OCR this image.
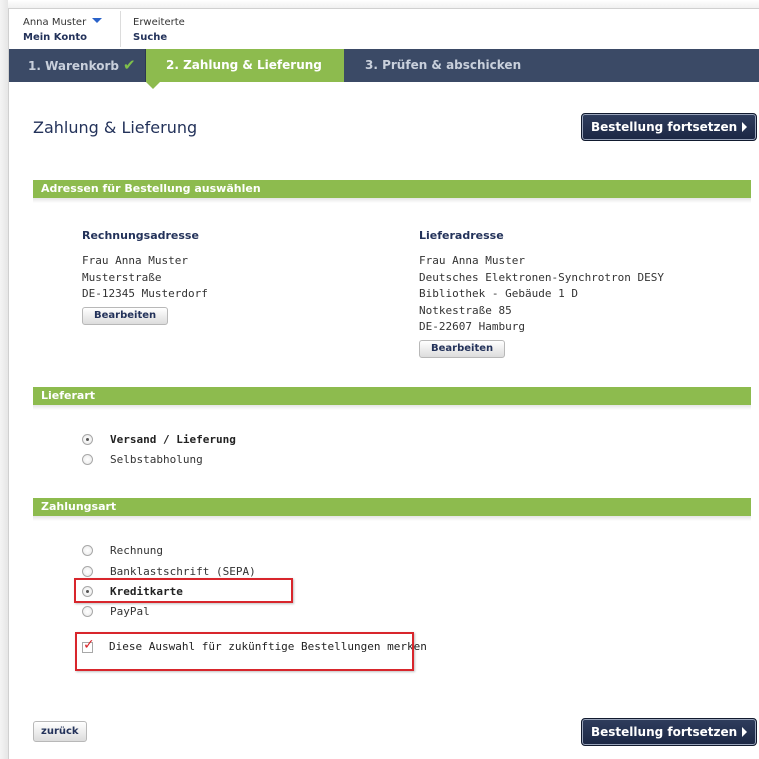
Anna Muster
Mein Konto
Erweiterte
Suche
1. Warenkorb ✔	2. Zahlung & Lieferung	3. Prüfen & abschicken
Zahlung & Lieferung	Bestellung fortsetzen
Adressen für Bestellung auswählen
Rechnungsadresse
Frau Anna Muster
Musterstraße
DE-12345 Musterdorf
Bearbeiten
Lieferadresse
Frau Anna Muster
Deutsches Elektronen-Synchrotron DESY
Bibliothek - Gebäude 1 D
Notkestraße 85
DE-22607 Hamburg
Bearbeiten
Lieferart
Versand / Lieferung
Selbstabholung
Zahlungsart
Rechnung
Banklastschrift (SEPA)
Kreditkarte
PayPal
✓ Diese Auswahl für zukünftige Bestellungen merken
zurück	Bestellung fortsetzen
